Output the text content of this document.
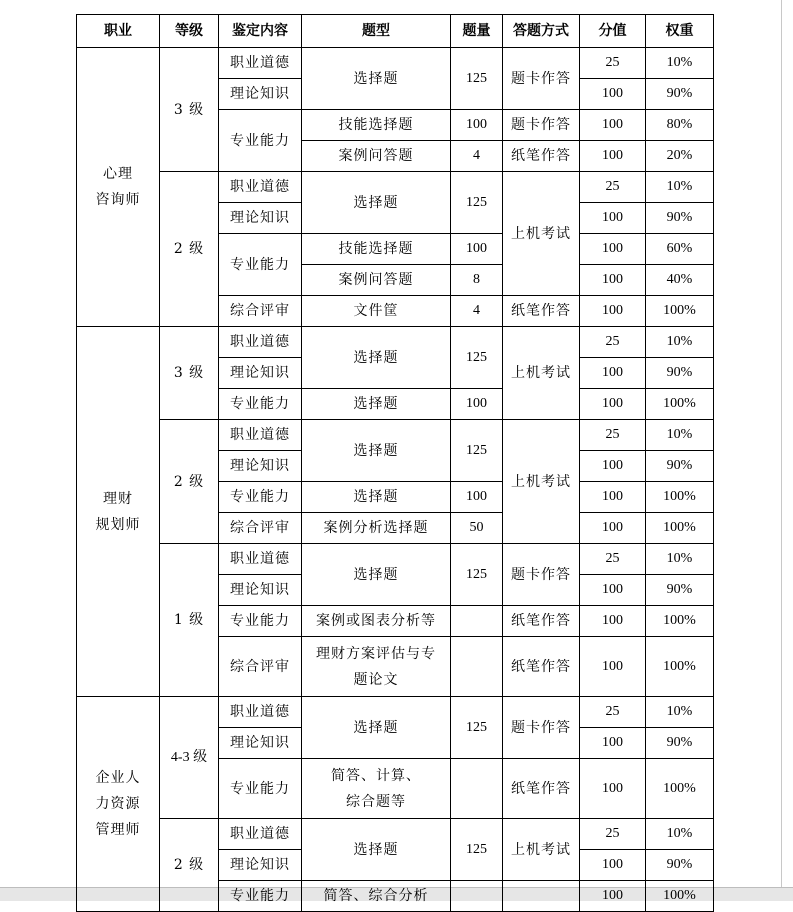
职业	等级	鉴定内容	题型	题量	答题方式	分值	权重

心理
咨询师	3 级	职业道德	选择题	125	题卡作答	25	10%
		理论知识				100	90%
		专业能力	技能选择题	100	题卡作答	100	80%
			案例问答题	4	纸笔作答	100	20%
	2 级	职业道德	选择题	125	上机考试	25	10%
		理论知识				100	90%
		专业能力	技能选择题	100		100	60%
			案例问答题	8		100	40%
		综合评审	文件筐	4	纸笔作答	100	100%

理财
规划师	3 级	职业道德	选择题	125	上机考试	25	10%
		理论知识				100	90%
		专业能力	选择题	100		100	100%
	2 级	职业道德	选择题	125	上机考试	25	10%
		理论知识				100	90%
		专业能力	选择题	100		100	100%
		综合评审	案例分析选择题	50		100	100%
	1 级	职业道德	选择题	125	题卡作答	25	10%
		理论知识				100	90%
		专业能力	案例或图表分析等		纸笔作答	100	100%
		综合评审	理财方案评估与专
题论文		纸笔作答	100	100%

企业人
力资源
管理师	4-3 级	职业道德	选择题	125	题卡作答	25	10%
		理论知识				100	90%
		专业能力	简答、计算、
综合题等		纸笔作答	100	100%
	2 级	职业道德	选择题	125	上机考试	25	10%
		理论知识				100	90%
		专业能力	简答、综合分析			100	100%
